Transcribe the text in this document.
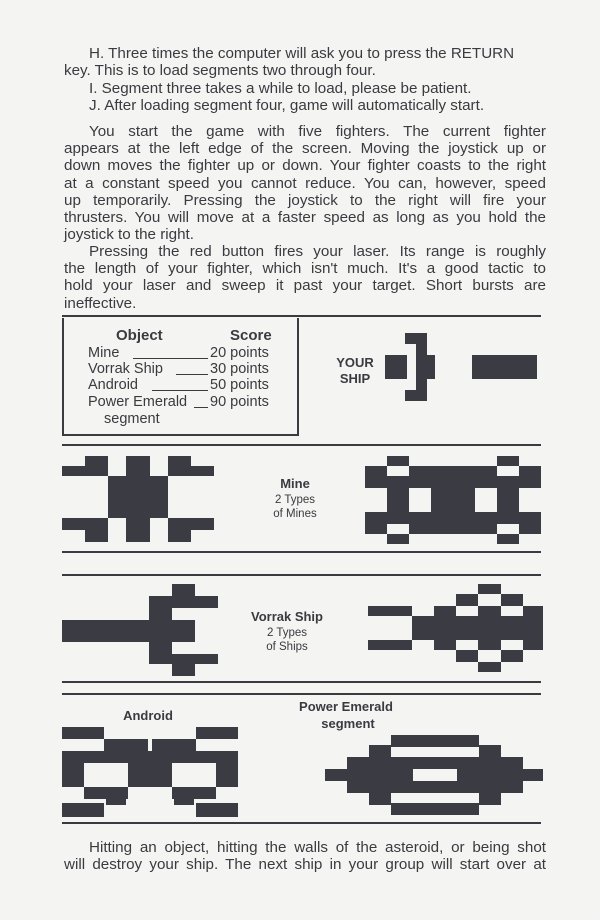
H. Three times the computer will ask you to press the RETURN
key. This is to load segments two through four.

I. Segment three takes a while to load, please be patient.

J. After loading segment four, game will automatically start.

You start the game with five fighters. The current fighter
appears at the left edge of the screen. Moving the joystick up or
down moves the fighter up or down. Your fighter coasts to the right
at a constant speed you cannot reduce. You can, however, speed
up temporarily. Pressing the joystick to the right will fire your
thrusters. You will move at a faster speed as long as you hold the
joystick to the right.

Pressing the red button fires your laser. Its range is roughly
the length of your fighter, which isn't much. It's a good tactic to
hold your laser and sweep it past your target. Short bursts are
ineffective.

Object	Score
Mine	20 points
Vorrak Ship	30 points
Android	50 points
Power Emerald 90 points
segment
YOUR
SHIP
Mine
2 Types
of Mines
Vorrak Ship
2 Types
of Ships
Android
Power Emerald
segment

Hitting an object, hitting the walls of the asteroid, or being shot
will destroy your ship. The next ship in your group will start over at
